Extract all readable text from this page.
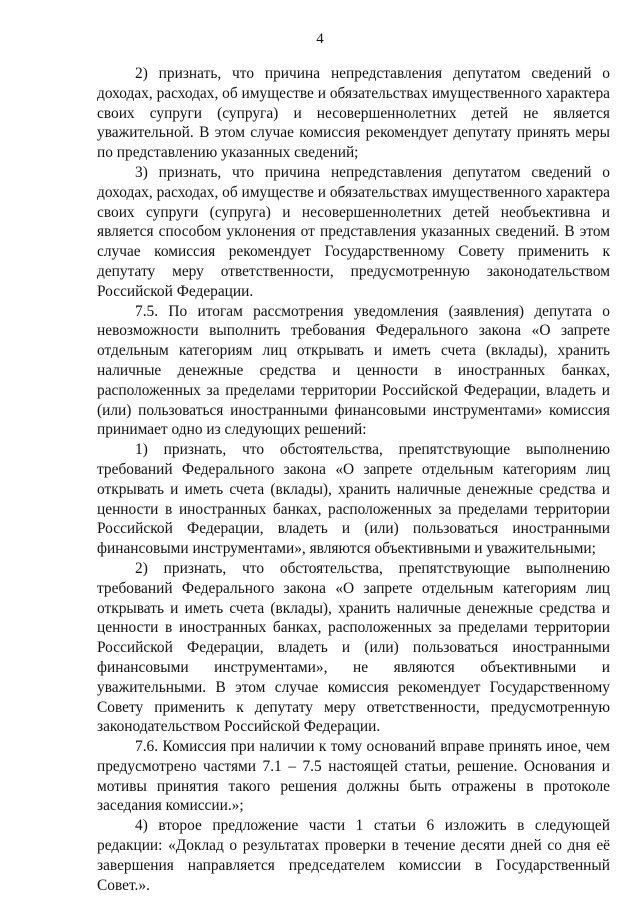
4

2) признать, что причина непредставления депутатом сведений о доходах, расходах, об имуществе и обязательствах имущественного характера своих супруги (супруга) и несовершеннолетних детей не является уважительной. В этом случае комиссия рекомендует депутату принять меры по представлению указанных сведений;

3) признать, что причина непредставления депутатом сведений о доходах, расходах, об имуществе и обязательствах имущественного характера своих супруги (супруга) и несовершеннолетних детей необъективна и является способом уклонения от представления указанных сведений. В этом случае комиссия рекомендует Государственному Совету применить к депутату меру ответственности, предусмотренную законодательством Российской Федерации.

7.5. По итогам рассмотрения уведомления (заявления) депутата о невозможности выполнить требования Федерального закона «О запрете отдельным категориям лиц открывать и иметь счета (вклады), хранить наличные денежные средства и ценности в иностранных банках, расположенных за пределами территории Российской Федерации, владеть и (или) пользоваться иностранными финансовыми инструментами» комиссия принимает одно из следующих решений:

1) признать, что обстоятельства, препятствующие выполнению требований Федерального закона «О запрете отдельным категориям лиц открывать и иметь счета (вклады), хранить наличные денежные средства и ценности в иностранных банках, расположенных за пределами территории Российской Федерации, владеть и (или) пользоваться иностранными финансовыми инструментами», являются объективными и уважительными;

2) признать, что обстоятельства, препятствующие выполнению требований Федерального закона «О запрете отдельным категориям лиц открывать и иметь счета (вклады), хранить наличные денежные средства и ценности в иностранных банках, расположенных за пределами территории Российской Федерации, владеть и (или) пользоваться иностранными финансовыми инструментами», не являются объективными и уважительными. В этом случае комиссия рекомендует Государственному Совету применить к депутату меру ответственности, предусмотренную законодательством Российской Федерации.

7.6. Комиссия при наличии к тому оснований вправе принять иное, чем предусмотрено частями 7.1 – 7.5 настоящей статьи, решение. Основания и мотивы принятия такого решения должны быть отражены в протоколе заседания комиссии.»;

4) второе предложение части 1 статьи 6 изложить в следующей редакции: «Доклад о результатах проверки в течение десяти дней со дня её завершения направляется председателем комиссии в Государственный Совет.».
